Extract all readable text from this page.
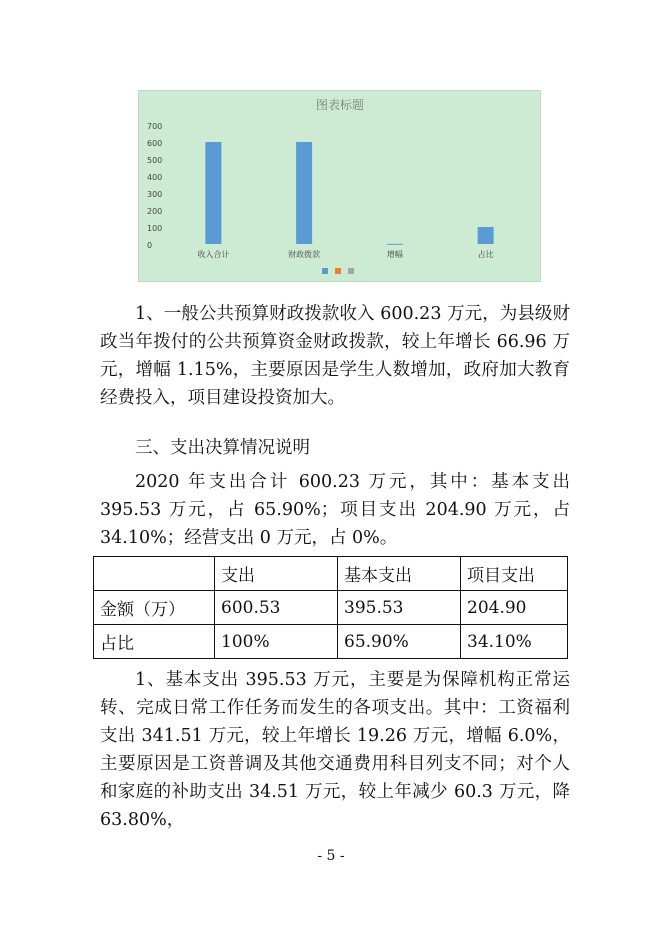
图表标题
700
600
500
400
300
200
100
0
收入合计	财政拨款	增幅	占比

1、一般公共预算财政拨款收入 600.23 万元，为县级财政当年拨付的公共预算资金财政拨款，较上年增长 66.96 万元，增幅 1.15%，主要原因是学生人数增加，政府加大教育经费投入，项目建设投资加大。

三、支出决算情况说明

2020 年支出合计 600.23 万元，其中：基本支出 395.53 万元，占 65.90%；项目支出 204.90 万元，占 34.10%；经营支出 0 万元，占 0%。

	支出	基本支出	项目支出
金额（万）	600.53	395.53	204.90
占比	100%	65.90%	34.10%

1、基本支出 395.53 万元，主要是为保障机构正常运转、完成日常工作任务而发生的各项支出。其中：工资福利支出 341.51 万元，较上年增长 19.26 万元，增幅 6.0%，主要原因是工资普调及其他交通费用科目列支不同；对个人和家庭的补助支出 34.51 万元，较上年减少 60.3 万元，降 63.80%，

- 5 -
